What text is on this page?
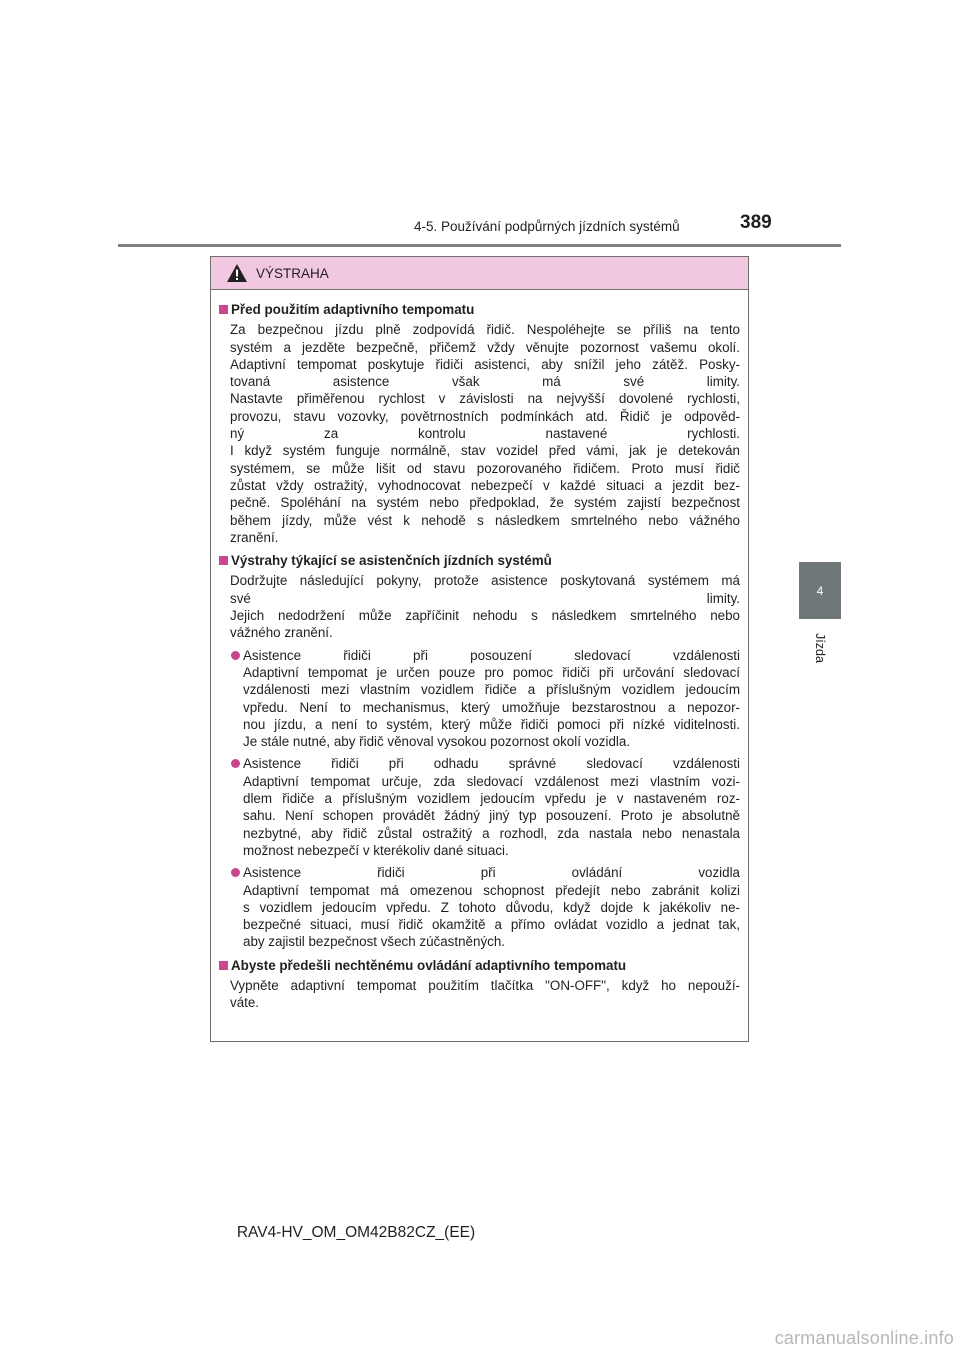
4-5. Používání podpůrných jízdních systémů	389
4
Jízda
VÝSTRAHA
Před použitím adaptivního tempomatu
Za bezpečnou jízdu plně zodpovídá řidič. Nespoléhejte se příliš na tento
systém a jezděte bezpečně, přičemž vždy věnujte pozornost vašemu okolí.
Adaptivní tempomat poskytuje řidiči asistenci, aby snížil jeho zátěž. Posky-
tovaná asistence však má své limity.
Nastavte přiměřenou rychlost v závislosti na nejvyšší dovolené rychlosti,
provozu, stavu vozovky, povětrnostních podmínkách atd. Řidič je odpověd-
ný za kontrolu nastavené rychlosti.
I když systém funguje normálně, stav vozidel před vámi, jak je detekován
systémem, se může lišit od stavu pozorovaného řidičem. Proto musí řidič
zůstat vždy ostražitý, vyhodnocovat nebezpečí v každé situaci a jezdit bez-
pečně. Spoléhání na systém nebo předpoklad, že systém zajistí bezpečnost
během jízdy, může vést k nehodě s následkem smrtelného nebo vážného
zranění.
Výstrahy týkající se asistenčních jízdních systémů
Dodržujte následující pokyny, protože asistence poskytovaná systémem má
své limity.
Jejich nedodržení může zapříčinit nehodu s následkem smrtelného nebo
vážného zranění.
Asistence řidiči při posouzení sledovací vzdálenosti
Adaptivní tempomat je určen pouze pro pomoc řidiči při určování sledovací
vzdálenosti mezi vlastním vozidlem řidiče a příslušným vozidlem jedoucím
vpředu. Není to mechanismus, který umožňuje bezstarostnou a nepozor-
nou jízdu, a není to systém, který může řidiči pomoci při nízké viditelnosti.
Je stále nutné, aby řidič věnoval vysokou pozornost okolí vozidla.
Asistence řidiči při odhadu správné sledovací vzdálenosti
Adaptivní tempomat určuje, zda sledovací vzdálenost mezi vlastním vozi-
dlem řidiče a příslušným vozidlem jedoucím vpředu je v nastaveném roz-
sahu. Není schopen provádět žádný jiný typ posouzení. Proto je absolutně
nezbytné, aby řidič zůstal ostražitý a rozhodl, zda nastala nebo nenastala
možnost nebezpečí v kterékoliv dané situaci.
Asistence řidiči při ovládání vozidla
Adaptivní tempomat má omezenou schopnost předejít nebo zabránit kolizi
s vozidlem jedoucím vpředu. Z tohoto důvodu, když dojde k jakékoliv ne-
bezpečné situaci, musí řidič okamžitě a přímo ovládat vozidlo a jednat tak,
aby zajistil bezpečnost všech zúčastněných.
Abyste předešli nechtěnému ovládání adaptivního tempomatu
Vypněte adaptivní tempomat použitím tlačítka "ON-OFF", když ho nepouží-
váte.
RAV4-HV_OM_OM42B82CZ_(EE)
carmanualsonline.info
